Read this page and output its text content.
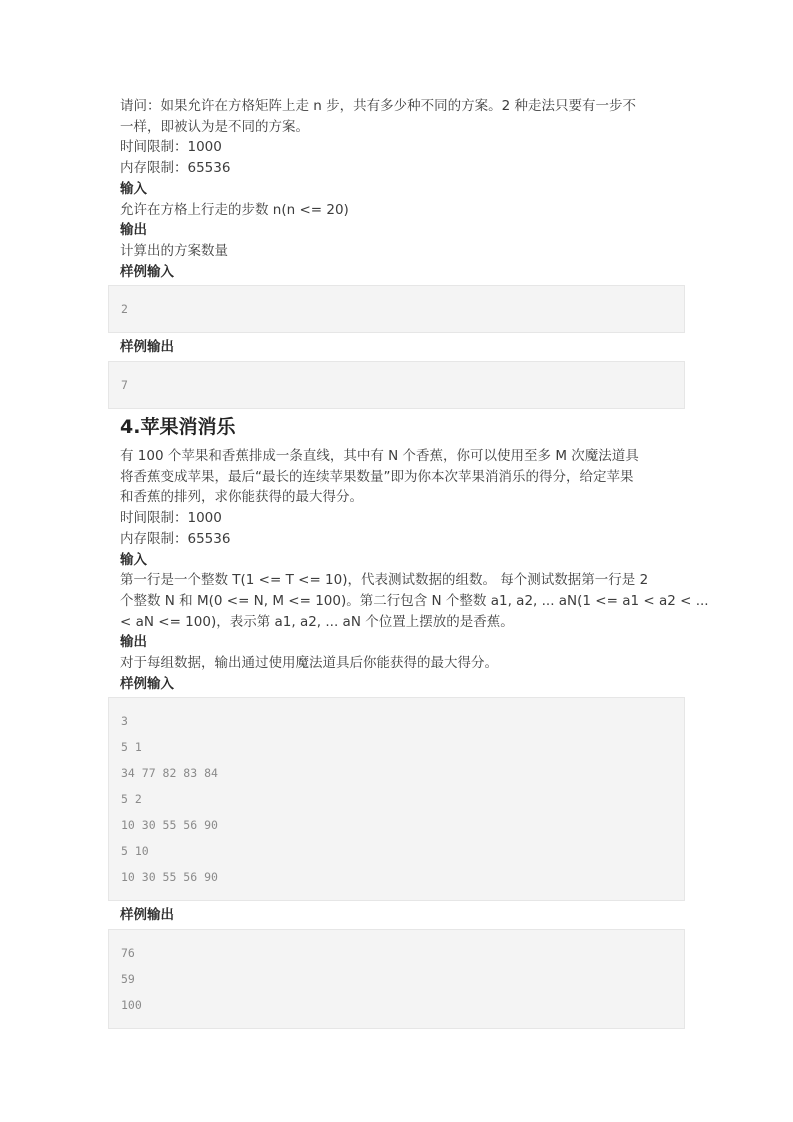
请问：如果允许在方格矩阵上走 n 步，共有多少种不同的方案。2 种走法只要有一步不
一样，即被认为是不同的方案。
时间限制：1000
内存限制：65536
输入
允许在方格上行走的步数 n(n <= 20)
输出
计算出的方案数量
样例输入
2
样例输出
7
4.苹果消消乐
有 100 个苹果和香蕉排成一条直线，其中有 N 个香蕉，你可以使用至多 M 次魔法道具
将香蕉变成苹果，最后“最长的连续苹果数量”即为你本次苹果消消乐的得分，给定苹果
和香蕉的排列，求你能获得的最大得分。
时间限制：1000
内存限制：65536
输入
第一行是一个整数 T(1 <= T <= 10)，代表测试数据的组数。 每个测试数据第一行是 2
个整数 N 和 M(0 <= N, M <= 100)。第二行包含 N 个整数 a1, a2, ... aN(1 <= a1 < a2 < ...
< aN <= 100)，表示第 a1, a2, ... aN 个位置上摆放的是香蕉。
输出
对于每组数据，输出通过使用魔法道具后你能获得的最大得分。
样例输入
3
5 1
34 77 82 83 84
5 2
10 30 55 56 90
5 10
10 30 55 56 90
样例输出
76
59
100
